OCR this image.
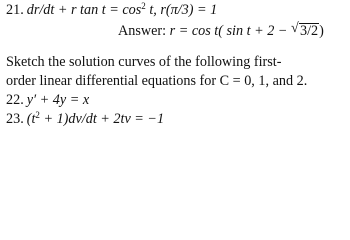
21. dr/dt + r $\tan t = \cos^2 t$, r(π/3) = 1
Answer: r = cos t( sin t + 2 − √ 3/2)
Sketch the solution curves of the following first-
order linear differential equations for C = 0, 1, and 2.
22. y′ + 4y = x
23. $(t^2 + 1)dv/dt + 2tv = -1$
